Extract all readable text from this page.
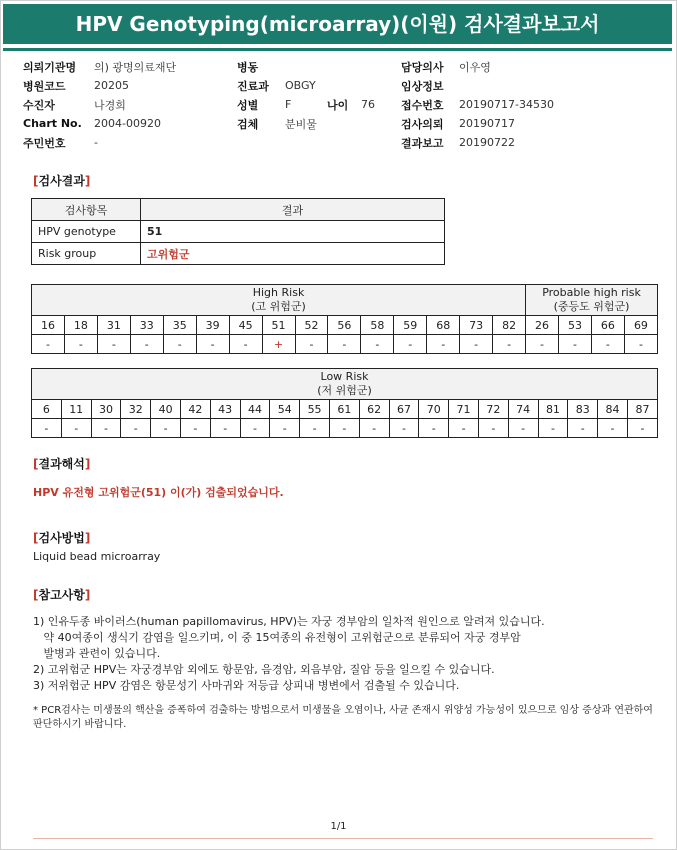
HPV Genotyping(microarray)(이원) 검사결과보고서
의뢰기관명	의) 광명의료재단
병원코드	20205
수진자	나경희
Chart No.	2004-00920
주민번호	-
병동
진료과	OBGY
성별	F	나이	76
검체	분비물
담당의사	이우영
임상정보
접수번호	20190717-34530
검사의뢰	20190717
결과보고	20190722
[검사결과]
검사항목	결과
HPV genotype	51
Risk group	고위험군
High Risk
(고 위험군)															Probable high risk
(중등도 위험군)			
16	18	31	33	35	39	45	51	52	56	58	59	68	73	82	26	53	66	69
-	-	-	-	-	-	-	+	-	-	-	-	-	-	-	-	-	-	-
Low Risk
(저 위험군)																				
6	11	30	32	40	42	43	44	54	55	61	62	67	70	71	72	74	81	83	84	87
-	-	-	-	-	-	-	-	-	-	-	-	-	-	-	-	-	-	-	-	-
[결과해석]
HPV 유전형 고위험군(51) 이(가) 검출되었습니다.
[검사방법]
Liquid bead microarray
[참고사항]
1) 인유두종 바이러스(human papillomavirus, HPV)는 자궁 경부암의 일차적 원인으로 알려져 있습니다.
약 40여종이 생식기 감염을 일으키며, 이 중 15여종의 유전형이 고위험군으로 분류되어 자궁 경부암
발병과 관련이 있습니다.
2) 고위험군 HPV는 자궁경부암 외에도 항문암, 음경암, 외음부암, 질암 등을 일으킬 수 있습니다.
3) 저위험군 HPV 감염은 항문성기 사마귀와 저등급 상피내 병변에서 검출될 수 있습니다.
* PCR검사는 미생물의 핵산을 증폭하여 검출하는 방법으로서 미생물을 오염이나, 사균 존재시 위양성 가능성이 있으므로 임상 증상과 연관하여 판단하시기 바랍니다.
1/1
